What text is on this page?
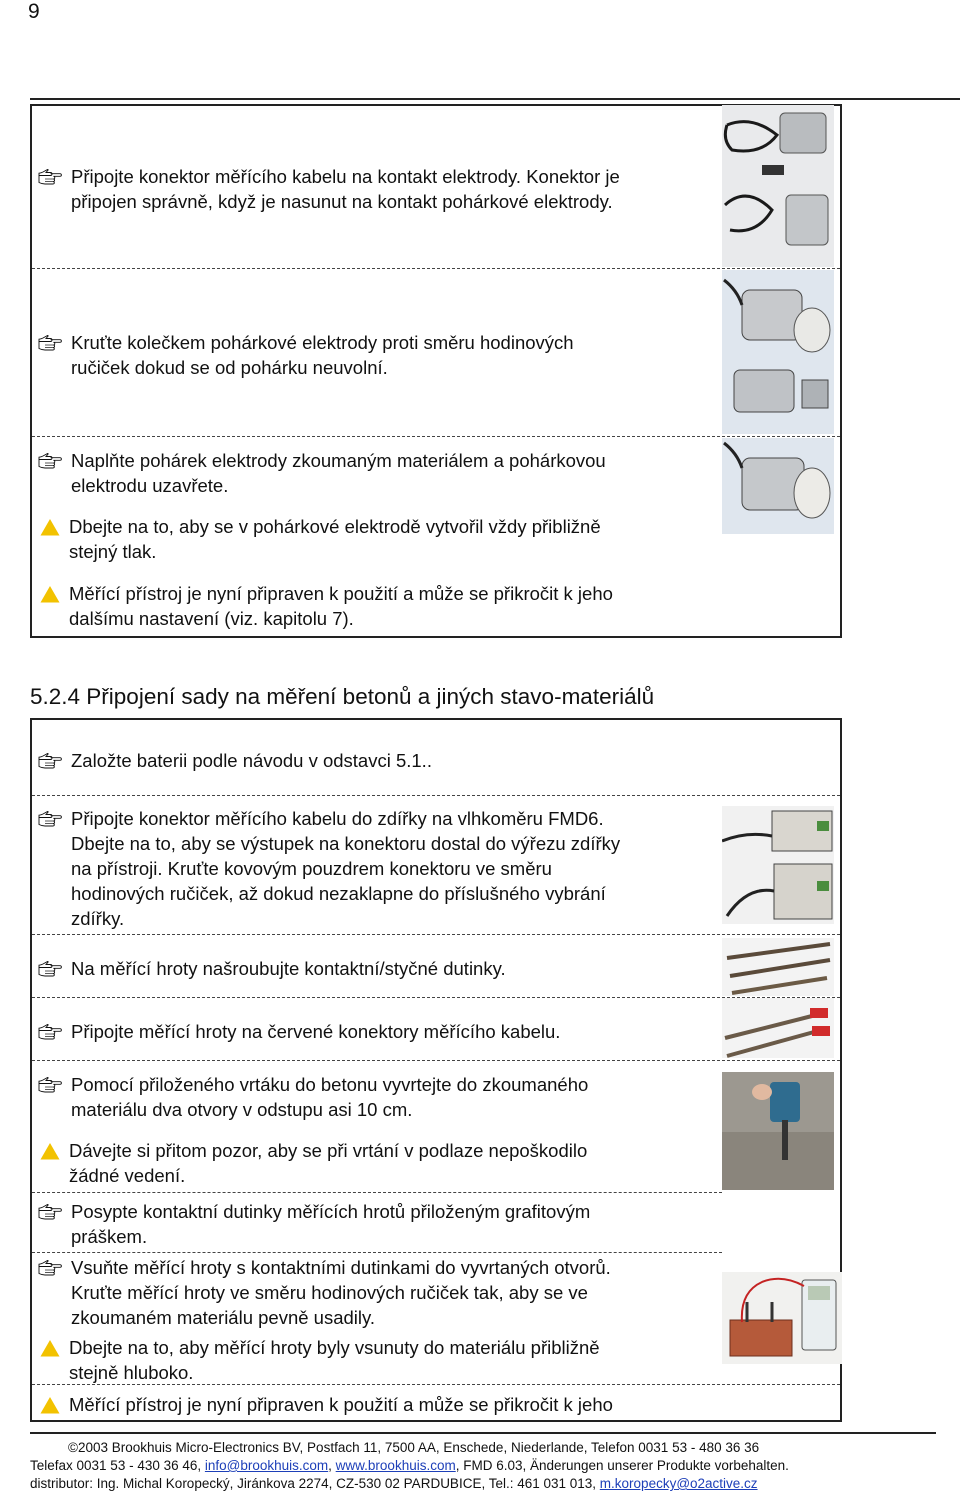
9
Připojte konektor měřícího kabelu na kontakt elektrody. Konektor je
připojen správně, když je nasunut na kontakt pohárkové elektrody.
Kruťte kolečkem pohárkové elektrody proti směru hodinových
ručiček dokud se od pohárku neuvolní.
Naplňte pohárek elektrody zkoumaným materiálem a pohárkovou
elektrodu uzavřete.
Dbejte na to, aby se v pohárkové elektrodě vytvořil vždy přibližně
stejný tlak.
Měřící přístroj je nyní připraven k použití a může se přikročit k jeho
dalšímu nastavení (viz. kapitolu 7).
5.2.4 Připojení sady na měření betonů a jiných stavo-materiálů
Založte baterii podle návodu v odstavci 5.1..
Připojte konektor měřícího kabelu do zdířky na vlhkoměru FMD6.
Dbejte na to, aby se výstupek na konektoru dostal do výřezu zdířky
na přístroji. Kruťte kovovým pouzdrem konektoru ve směru
hodinových ručiček, až dokud nezaklapne do příslušného vybrání
zdířky.
Na měřící hroty našroubujte kontaktní/styčné dutinky.
Připojte měřící hroty na červené konektory měřícího kabelu.
Pomocí přiloženého vrtáku do betonu vyvrtejte do zkoumaného
materiálu dva otvory v odstupu asi 10 cm.
Dávejte si přitom pozor, aby se při vrtání v podlaze nepoškodilo
žádné vedení.
Posypte kontaktní dutinky měřících hrotů přiloženým grafitovým
práškem.
Vsuňte měřící hroty s kontaktními dutinkami do vyvrtaných otvorů.
Kruťte měřící hroty ve směru hodinových ručiček tak, aby se ve
zkoumaném materiálu pevně usadily.
Dbejte na to, aby měřící hroty byly vsunuty do materiálu přibližně
stejně hluboko.
Měřící přístroj je nyní připraven k použití a může se přikročit k jeho
©2003 Brookhuis Micro-Electronics BV, Postfach 11, 7500 AA, Enschede, Niederlande, Telefon 0031 53 - 480 36 36
Telefax 0031 53 - 430 36 46, info@brookhuis.com, www.brookhuis.com, FMD 6.03, Änderungen unserer Produkte vorbehalten.
distributor: Ing. Michal Koropecký, Jiránkova 2274, CZ-530 02 PARDUBICE, Tel.: 461 031 013, m.koropecky@o2active.cz
